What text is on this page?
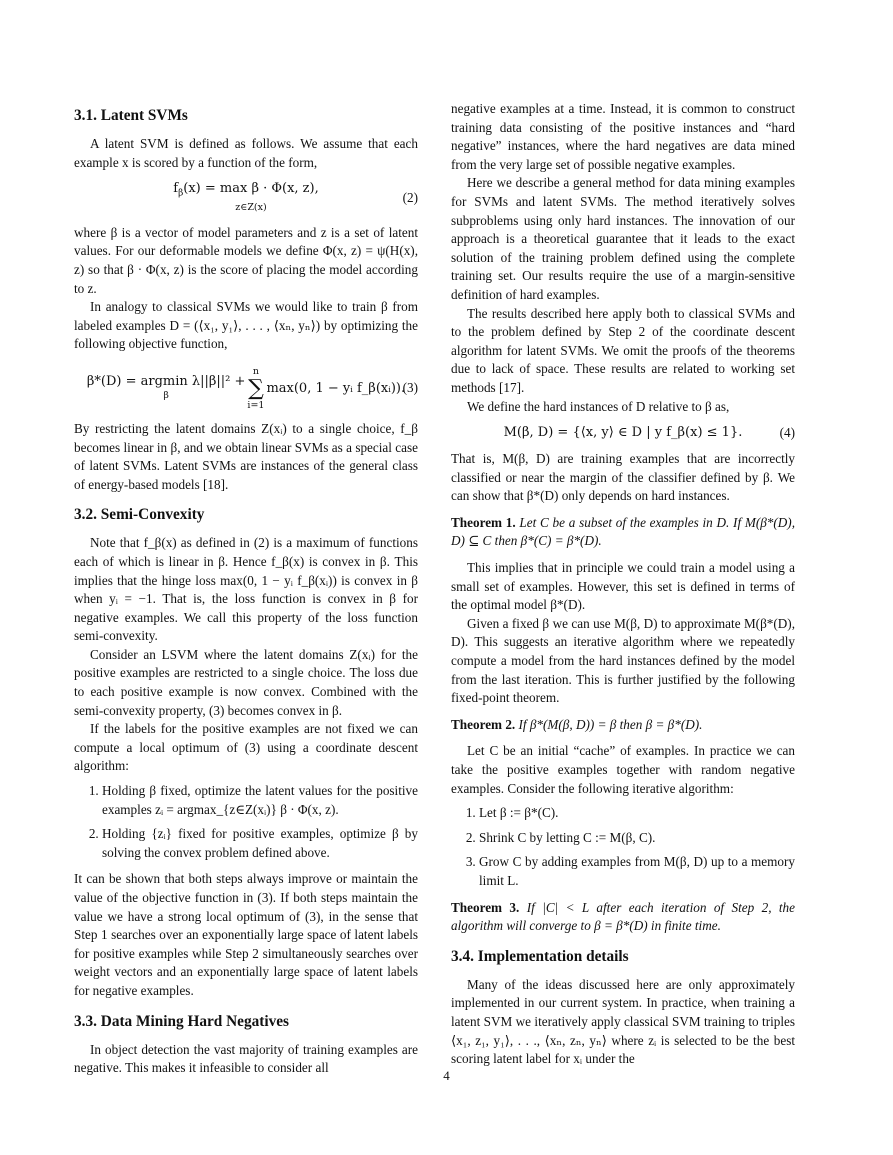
3.1. Latent SVMs

A latent SVM is defined as follows. We assume that each example x is scored by a function of the form,

$f_\beta(x) = \max \beta \cdot \Phi(x$, z),
z∈Z(x)
(2)

where β is a vector of model parameters and z is a set of latent values. For our deformable models we define Φ(x, z) = ψ(H(x), z) so that β · Φ(x, z) is the score of placing the model according to z.

In analogy to classical SVMs we would like to train β from labeled examples D = (⟨x₁, y₁⟩, . . . , ⟨xₙ, yₙ⟩) by optimizing the following objective function,

β*(D) = argmin λ||β||² +
β
n
∑
i=1
max(0, 1 − yᵢ f_β(xᵢ)).
(3)

By restricting the latent domains Z(xᵢ) to a single choice, f_β becomes linear in β, and we obtain linear SVMs as a special case of latent SVMs. Latent SVMs are instances of the general class of energy-based models [18].

3.2. Semi-Convexity

Note that f_β(x) as defined in (2) is a maximum of functions each of which is linear in β. Hence f_β(x) is convex in β. This implies that the hinge loss max(0, 1 − yᵢ f_β(xᵢ)) is convex in β when yᵢ = −1. That is, the loss function is convex in β for negative examples. We call this property of the loss function semi-convexity.

Consider an LSVM where the latent domains Z(xᵢ) for the positive examples are restricted to a single choice. The loss due to each positive example is now convex. Combined with the semi-convexity property, (3) becomes convex in β.

If the labels for the positive examples are not fixed we can compute a local optimum of (3) using a coordinate descent algorithm:

1. Holding β fixed, optimize the latent values for the positive examples zᵢ = argmax_{z∈Z(xᵢ)} β · Φ(x, z).
2. Holding {zᵢ} fixed for positive examples, optimize β by solving the convex problem defined above.

It can be shown that both steps always improve or maintain the value of the objective function in (3). If both steps maintain the value we have a strong local optimum of (3), in the sense that Step 1 searches over an exponentially large space of latent labels for positive examples while Step 2 simultaneously searches over weight vectors and an exponentially large space of latent labels for negative examples.

3.3. Data Mining Hard Negatives

In object detection the vast majority of training examples are negative. This makes it infeasible to consider all

negative examples at a time. Instead, it is common to construct training data consisting of the positive instances and “hard negative” instances, where the hard negatives are data mined from the very large set of possible negative examples.

Here we describe a general method for data mining examples for SVMs and latent SVMs. The method iteratively solves subproblems using only hard instances. The innovation of our approach is a theoretical guarantee that it leads to the exact solution of the training problem defined using the complete training set. Our results require the use of a margin-sensitive definition of hard examples.

The results described here apply both to classical SVMs and to the problem defined by Step 2 of the coordinate descent algorithm for latent SVMs. We omit the proofs of the theorems due to lack of space. These results are related to working set methods [17].

We define the hard instances of D relative to β as,

M(β, D) = {⟨x, y⟩ ∈ D | y f_β(x) ≤ 1}.	(4)

That is, M(β, D) are training examples that are incorrectly classified or near the margin of the classifier defined by β. We can show that β*(D) only depends on hard instances.

Theorem 1. Let C be a subset of the examples in D. If M(β*(D), D) ⊆ C then β*(C) = β*(D).

This implies that in principle we could train a model using a small set of examples. However, this set is defined in terms of the optimal model β*(D).

Given a fixed β we can use M(β, D) to approximate M(β*(D), D). This suggests an iterative algorithm where we repeatedly compute a model from the hard instances defined by the model from the last iteration. This is further justified by the following fixed-point theorem.

Theorem 2. If β*(M(β, D)) = β then β = β*(D).

Let C be an initial “cache” of examples. In practice we can take the positive examples together with random negative examples. Consider the following iterative algorithm:

1. Let β := β*(C).
2. Shrink C by letting C := M(β, C).
3. Grow C by adding examples from M(β, D) up to a memory limit L.

Theorem 3. If |C| < L after each iteration of Step 2, the algorithm will converge to β = β*(D) in finite time.

3.4. Implementation details

Many of the ideas discussed here are only approximately implemented in our current system. In practice, when training a latent SVM we iteratively apply classical SVM training to triples ⟨x₁, z₁, y₁⟩, . . ., ⟨xₙ, zₙ, yₙ⟩ where zᵢ is selected to be the best scoring latent label for xᵢ under the

4
